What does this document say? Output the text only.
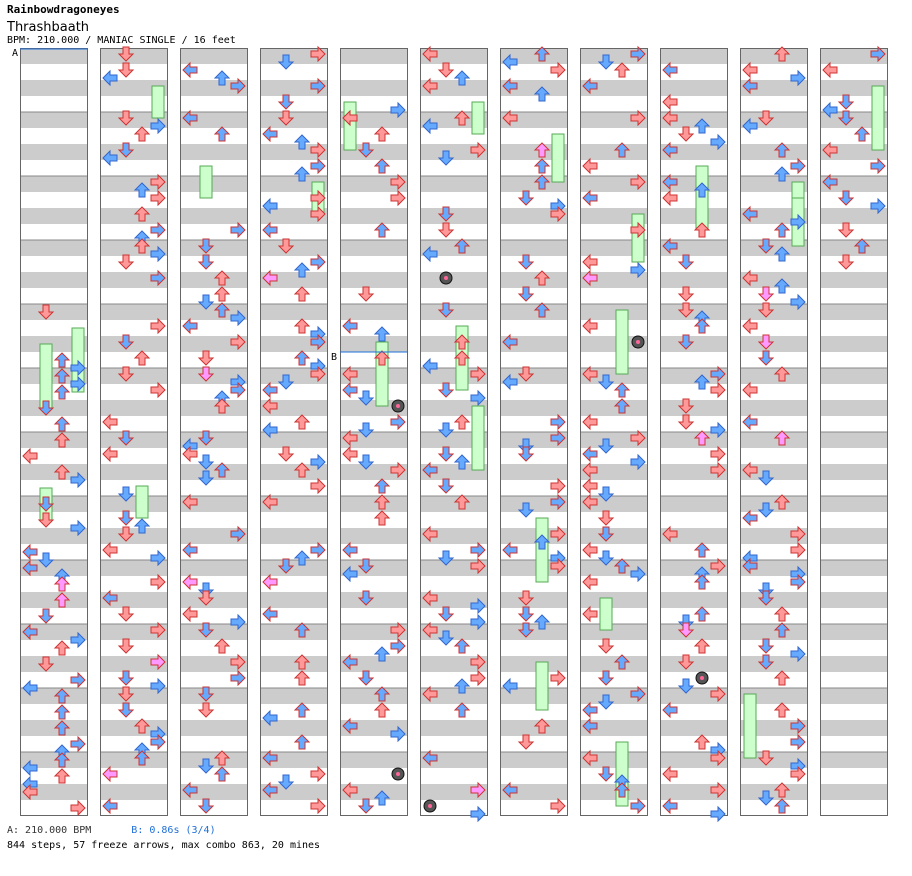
Rainbowdragoneyes
Thrashbaath
BPM: 210.000 / MANIAC SINGLE / 16 feet
A
B
A: 210.000 BPM	B: 0.86s (3/4)
844 steps, 57 freeze arrows, max combo 863, 20 mines
